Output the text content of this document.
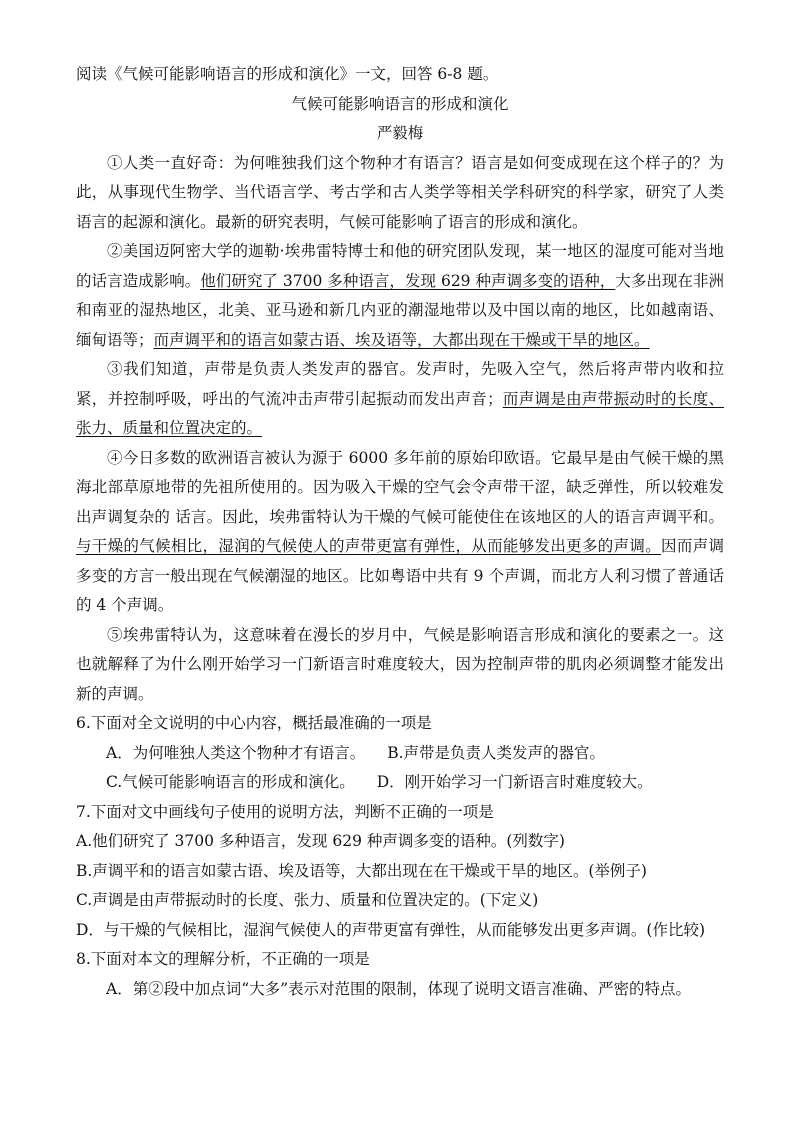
阅读《气候可能影响语言的形成和演化》一文，回答 6-8 题。

气候可能影响语言的形成和演化

严毅梅

①人类一直好奇：为何唯独我们这个物种才有语言？语言是如何变成现在这个样子的？为此，从事现代生物学、当代语言学、考古学和古人类学等相关学科研究的科学家，研究了人类语言的起源和演化。最新的研究表明，气候可能影响了语言的形成和演化。

②美国迈阿密大学的迦勒·埃弗雷特博士和他的研究团队发现，某一地区的湿度可能对当地的话言造成影响。他们研究了 3700 多种语言，发现 629 种声调多变的语种，大多出现在非洲和南亚的湿热地区，北美、亚马逊和新几内亚的潮湿地带以及中国以南的地区，比如越南语、缅甸语等；而声调平和的语言如蒙古语、埃及语等，大都出现在干燥或干旱的地区。

③我们知道，声带是负责人类发声的器官。发声时，先吸入空气，然后将声带内收和拉紧，并控制呼吸，呼出的气流冲击声带引起振动而发出声音；而声调是由声带振动时的长度、张力、质量和位置决定的。

④今日多数的欧洲语言被认为源于 6000 多年前的原始印欧语。它最早是由气候干燥的黑海北部草原地带的先祖所使用的。因为吸入干燥的空气会令声带干涩，缺乏弹性，所以较难发出声调复杂的 话言。因此，埃弗雷特认为干燥的气候可能使住在该地区的人的语言声调平和。与干燥的气候相比，湿润的气候使人的声带更富有弹性，从而能够发出更多的声调。因而声调多变的方言一般出现在气候潮湿的地区。比如粤语中共有 9 个声调，而北方人利习惯了普通话的 4 个声调。

⑤埃弗雷特认为，这意味着在漫长的岁月中，气候是影响语言形成和演化的要素之一。这也就解释了为什么刚开始学习一门新语言时难度较大，因为控制声带的肌肉必须调整才能发出新的声调。

6.下面对全文说明的中心内容，概括最准确的一项是

A．为何唯独人类这个物种才有语言。 B.声带是负责人类发声的器官。
C.气候可能影响语言的形成和演化。 D．刚开始学习一门新语言时难度较大。

7.下面对文中画线句子使用的说明方法，判断不正确的一项是

A.他们研究了 3700 多种语言，发现 629 种声调多变的语种。(列数字)

B.声调平和的语言如蒙古语、埃及语等，大都出现在在干燥或干旱的地区。(举例子)

C.声调是由声带振动时的长度、张力、质量和位置决定的。(下定义)

D．与干燥的气候相比，湿润气候使人的声带更富有弹性，从而能够发出更多声调。(作比较)

8.下面对本文的理解分析，不正确的一项是

A．第②段中加点词“大多”表示对范围的限制，体现了说明文语言准确、严密的特点。
